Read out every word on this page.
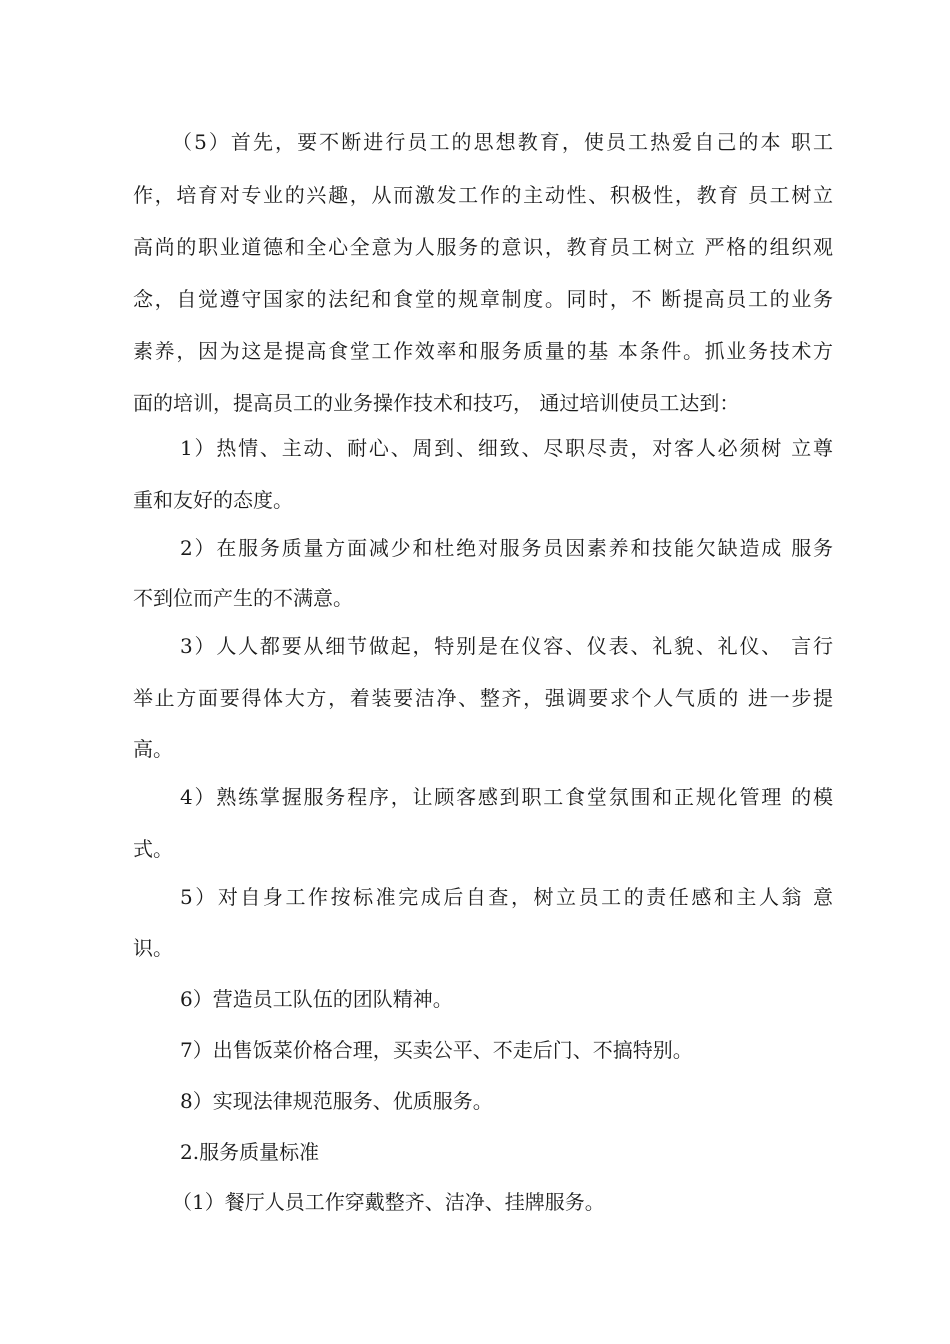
（5）首先，要不断进行员工的思想教育，使员工热爱自己的本 职工
作，培育对专业的兴趣，从而激发工作的主动性、积极性，教育 员工树立
高尚的职业道德和全心全意为人服务的意识，教育员工树立 严格的组织观
念，自觉遵守国家的法纪和食堂的规章制度。同时，不 断提高员工的业务
素养，因为这是提高食堂工作效率和服务质量的基 本条件。抓业务技术方
面的培训，提高员工的业务操作技术和技巧， 通过培训使员工达到：
1）热情、主动、耐心、周到、细致、尽职尽责，对客人必须树 立尊
重和友好的态度。
2）在服务质量方面减少和杜绝对服务员因素养和技能欠缺造成 服务
不到位而产生的不满意。
3）人人都要从细节做起，特别是在仪容、仪表、礼貌、礼仪、 言行
举止方面要得体大方，着装要洁净、整齐，强调要求个人气质的 进一步提
高。
4）熟练掌握服务程序，让顾客感到职工食堂氛围和正规化管理 的模
式。
5）对自身工作按标准完成后自查，树立员工的责任感和主人翁 意
识。
6）营造员工队伍的团队精神。
7）出售饭菜价格合理，买卖公平、不走后门、不搞特别。
8）实现法律规范服务、优质服务。
2.服务质量标准
（1）餐厅人员工作穿戴整齐、洁净、挂牌服务。
